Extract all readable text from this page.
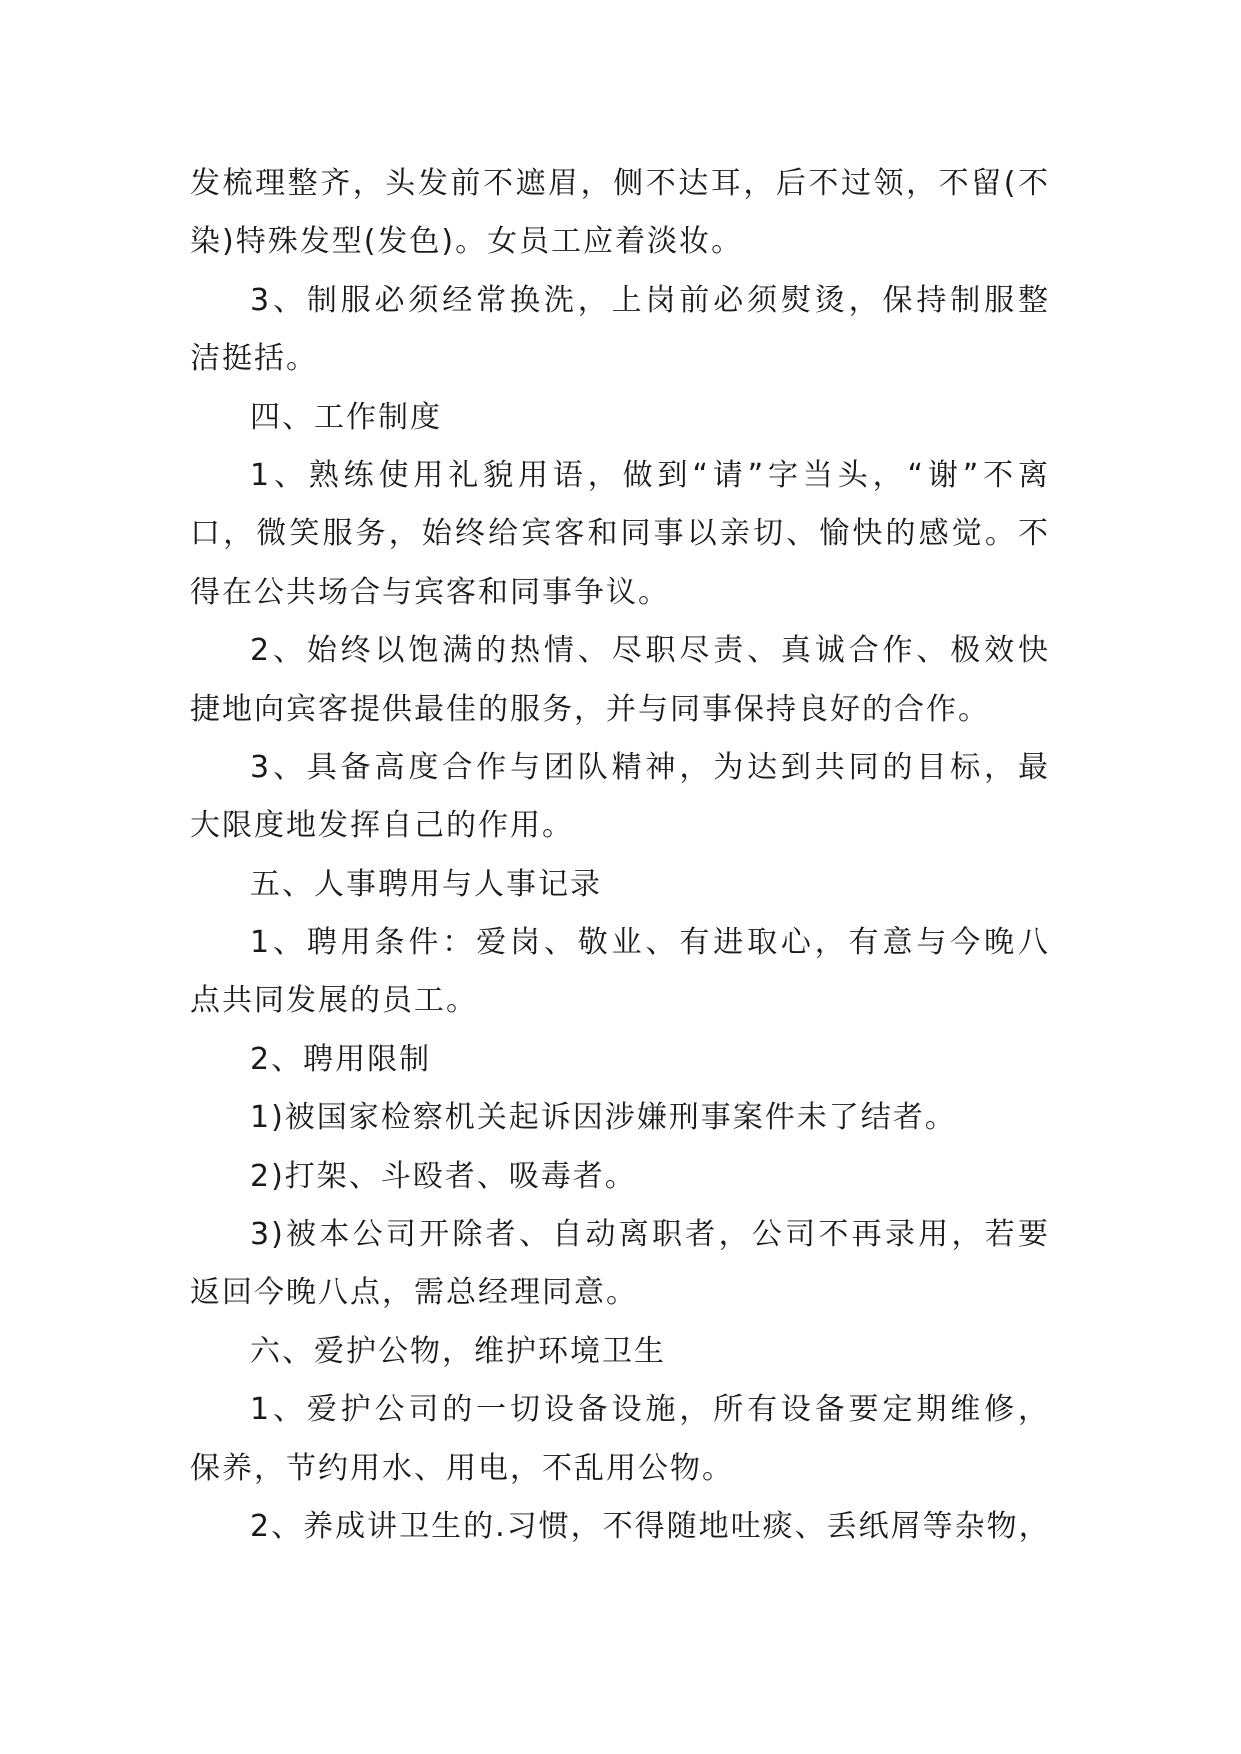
发梳理整齐，头发前不遮眉，侧不达耳，后不过领，不留(不
染)特殊发型(发色)。女员工应着淡妆。
3、制服必须经常换洗，上岗前必须熨烫，保持制服整
洁挺括。
四、工作制度
1、熟练使用礼貌用语，做到“请”字当头，“谢”不离
口，微笑服务，始终给宾客和同事以亲切、愉快的感觉。不
得在公共场合与宾客和同事争议。
2、始终以饱满的热情、尽职尽责、真诚合作、极效快
捷地向宾客提供最佳的服务，并与同事保持良好的合作。
3、具备高度合作与团队精神，为达到共同的目标，最
大限度地发挥自己的作用。
五、人事聘用与人事记录
1、聘用条件：爱岗、敬业、有进取心，有意与今晚八
点共同发展的员工。
2、聘用限制
1)被国家检察机关起诉因涉嫌刑事案件未了结者。
2)打架、斗殴者、吸毒者。
3)被本公司开除者、自动离职者，公司不再录用，若要
返回今晚八点，需总经理同意。
六、爱护公物，维护环境卫生
1、爱护公司的一切设备设施，所有设备要定期维修，
保养，节约用水、用电，不乱用公物。
2、养成讲卫生的.习惯，不得随地吐痰、丢纸屑等杂物，
